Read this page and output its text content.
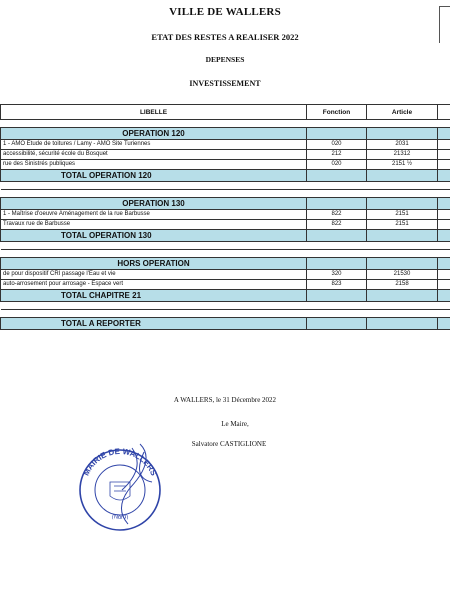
VILLE DE WALLERS
ETAT DES RESTES A REALISER 2022
DEPENSES
INVESTISSEMENT
LIBELLE	Fonction	Article	

OPERATION 120			
1 - AMO Etude de toitures / Lamy - AMO Site Turiennes	020	2031	
accessibilité, sécurité école du Bosquet	212	21312	
rue des Sinistrés publiques	020	2151 ½	
TOTAL OPERATION 120			

OPERATION 130			
1 - Maîtrise d'oeuvre Aménagement de la rue Barbusse	822	2151	
Travaux rue de Barbusse	822	2151	
TOTAL OPERATION 130			

HORS OPERATION			
de pour dispositif CRI passage l'Eau et vie	320	21530	
auto-arrosement pour arrosage - Espace vert	823	2158	
TOTAL CHAPITRE 21			

TOTAL A REPORTER			
A WALLERS, le 31 Décembre 2022
Le Maire,
Salvatore CASTIGLIONE
MAIRIE DE WALLERS
(Nord)
